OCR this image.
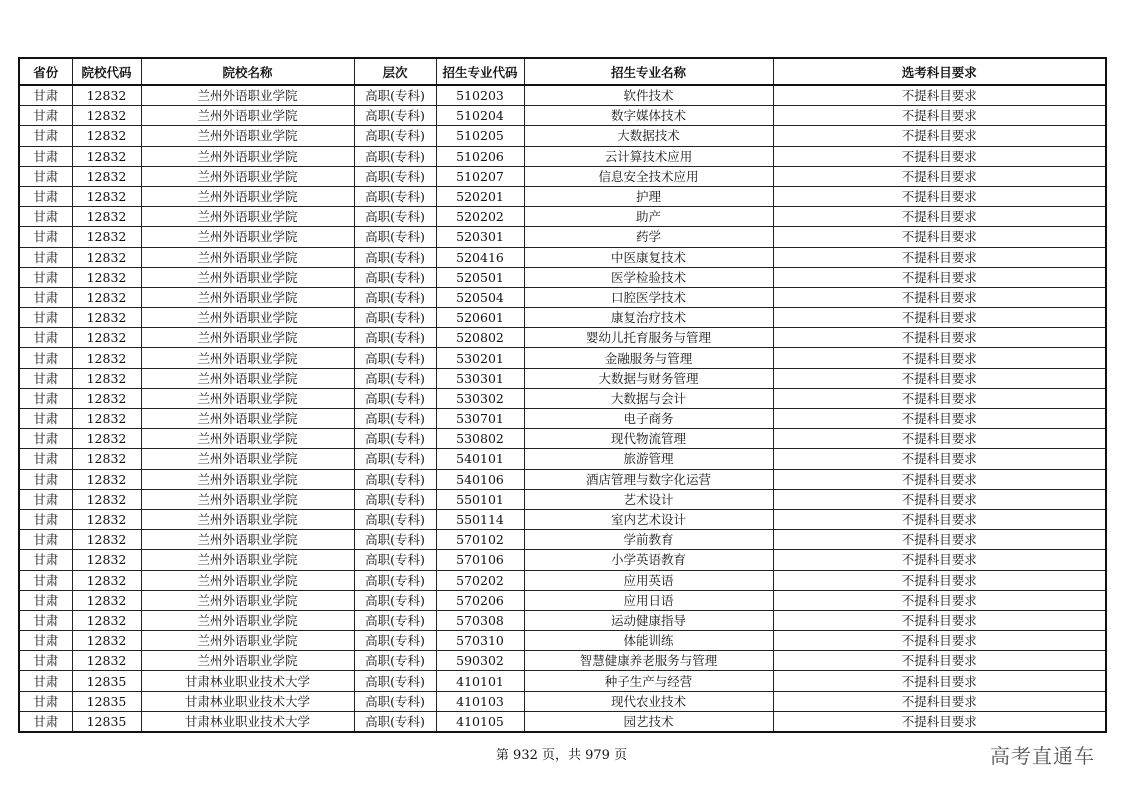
省份	院校代码	院校名称	层次	招生专业代码	招生专业名称	选考科目要求
甘肃	12832	兰州外语职业学院	高职(专科)	510203	软件技术	不提科目要求
甘肃	12832	兰州外语职业学院	高职(专科)	510204	数字媒体技术	不提科目要求
甘肃	12832	兰州外语职业学院	高职(专科)	510205	大数据技术	不提科目要求
甘肃	12832	兰州外语职业学院	高职(专科)	510206	云计算技术应用	不提科目要求
甘肃	12832	兰州外语职业学院	高职(专科)	510207	信息安全技术应用	不提科目要求
甘肃	12832	兰州外语职业学院	高职(专科)	520201	护理	不提科目要求
甘肃	12832	兰州外语职业学院	高职(专科)	520202	助产	不提科目要求
甘肃	12832	兰州外语职业学院	高职(专科)	520301	药学	不提科目要求
甘肃	12832	兰州外语职业学院	高职(专科)	520416	中医康复技术	不提科目要求
甘肃	12832	兰州外语职业学院	高职(专科)	520501	医学检验技术	不提科目要求
甘肃	12832	兰州外语职业学院	高职(专科)	520504	口腔医学技术	不提科目要求
甘肃	12832	兰州外语职业学院	高职(专科)	520601	康复治疗技术	不提科目要求
甘肃	12832	兰州外语职业学院	高职(专科)	520802	婴幼儿托育服务与管理	不提科目要求
甘肃	12832	兰州外语职业学院	高职(专科)	530201	金融服务与管理	不提科目要求
甘肃	12832	兰州外语职业学院	高职(专科)	530301	大数据与财务管理	不提科目要求
甘肃	12832	兰州外语职业学院	高职(专科)	530302	大数据与会计	不提科目要求
甘肃	12832	兰州外语职业学院	高职(专科)	530701	电子商务	不提科目要求
甘肃	12832	兰州外语职业学院	高职(专科)	530802	现代物流管理	不提科目要求
甘肃	12832	兰州外语职业学院	高职(专科)	540101	旅游管理	不提科目要求
甘肃	12832	兰州外语职业学院	高职(专科)	540106	酒店管理与数字化运营	不提科目要求
甘肃	12832	兰州外语职业学院	高职(专科)	550101	艺术设计	不提科目要求
甘肃	12832	兰州外语职业学院	高职(专科)	550114	室内艺术设计	不提科目要求
甘肃	12832	兰州外语职业学院	高职(专科)	570102	学前教育	不提科目要求
甘肃	12832	兰州外语职业学院	高职(专科)	570106	小学英语教育	不提科目要求
甘肃	12832	兰州外语职业学院	高职(专科)	570202	应用英语	不提科目要求
甘肃	12832	兰州外语职业学院	高职(专科)	570206	应用日语	不提科目要求
甘肃	12832	兰州外语职业学院	高职(专科)	570308	运动健康指导	不提科目要求
甘肃	12832	兰州外语职业学院	高职(专科)	570310	体能训练	不提科目要求
甘肃	12832	兰州外语职业学院	高职(专科)	590302	智慧健康养老服务与管理	不提科目要求
甘肃	12835	甘肃林业职业技术大学	高职(专科)	410101	种子生产与经营	不提科目要求
甘肃	12835	甘肃林业职业技术大学	高职(专科)	410103	现代农业技术	不提科目要求
甘肃	12835	甘肃林业职业技术大学	高职(专科)	410105	园艺技术	不提科目要求
第 932 页，共 979 页	高考直通车
